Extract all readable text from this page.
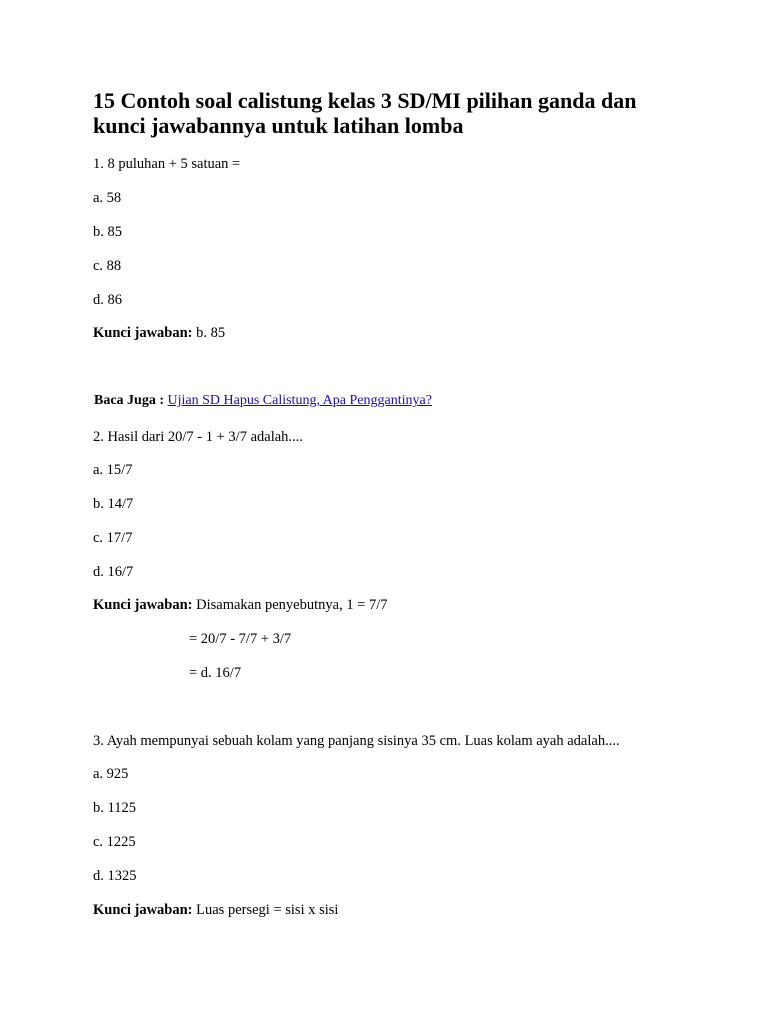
15 Contoh soal calistung kelas 3 SD/MI pilihan ganda dan kunci jawabannya untuk latihan lomba
1. 8 puluhan + 5 satuan =
a. 58
b. 85
c. 88
d. 86
Kunci jawaban: b. 85
Baca Juga : Ujian SD Hapus Calistung, Apa Penggantinya?
2. Hasil dari 20/7 - 1 + 3/7 adalah....
a. 15/7
b. 14/7
c. 17/7
d. 16/7
Kunci jawaban: Disamakan penyebutnya, 1 = 7/7
= 20/7 - 7/7 + 3/7
= d. 16/7
3. Ayah mempunyai sebuah kolam yang panjang sisinya 35 cm. Luas kolam ayah adalah....
a. 925
b. 1125
c. 1225
d. 1325
Kunci jawaban: Luas persegi = sisi x sisi
